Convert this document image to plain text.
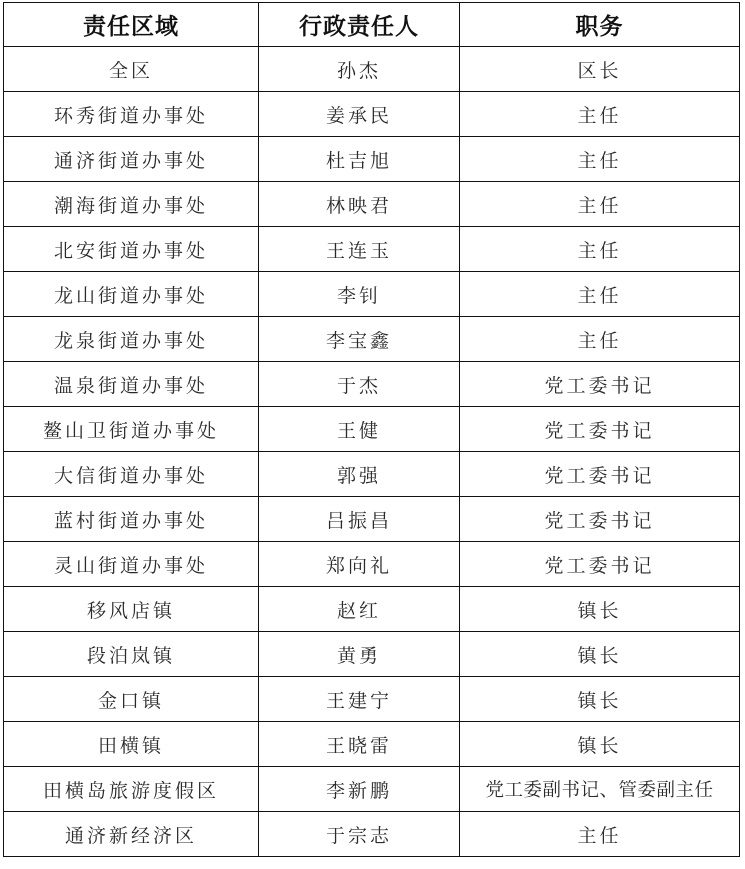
责任区域	行政责任人	职务
全区	孙杰	区长
环秀街道办事处	姜承民	主任
通济街道办事处	杜吉旭	主任
潮海街道办事处	林映君	主任
北安街道办事处	王连玉	主任
龙山街道办事处	李钊	主任
龙泉街道办事处	李宝鑫	主任
温泉街道办事处	于杰	党工委书记
鳌山卫街道办事处	王健	党工委书记
大信街道办事处	郭强	党工委书记
蓝村街道办事处	吕振昌	党工委书记
灵山街道办事处	郑向礼	党工委书记
移风店镇	赵红	镇长
段泊岚镇	黄勇	镇长
金口镇	王建宁	镇长
田横镇	王晓雷	镇长
田横岛旅游度假区	李新鹏	党工委副书记、管委副主任
通济新经济区	于宗志	主任
